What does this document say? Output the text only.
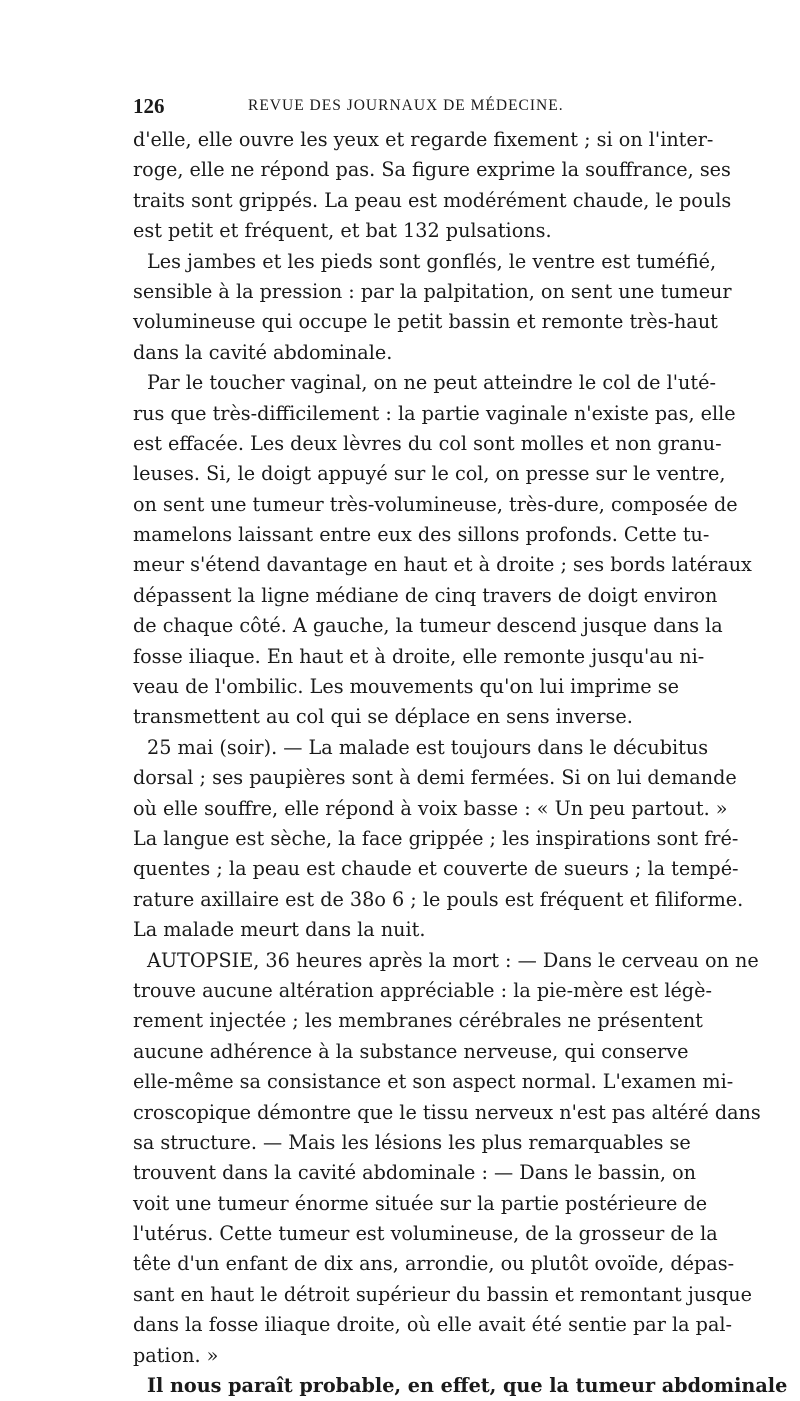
126	REVUE DES JOURNAUX DE MÉDECINE.
d'elle, elle ouvre les yeux et regarde fixement ; si on l'inter-
roge, elle ne répond pas. Sa figure exprime la souffrance, ses
traits sont grippés. La peau est modérément chaude, le pouls
est petit et fréquent, et bat 132 pulsations.
Les jambes et les pieds sont gonflés, le ventre est tuméfié,
sensible à la pression : par la palpitation, on sent une tumeur
volumineuse qui occupe le petit bassin et remonte très-haut
dans la cavité abdominale.
Par le toucher vaginal, on ne peut atteindre le col de l'uté-
rus que très-difficilement : la partie vaginale n'existe pas, elle
est effacée. Les deux lèvres du col sont molles et non granu-
leuses. Si, le doigt appuyé sur le col, on presse sur le ventre,
on sent une tumeur très-volumineuse, très-dure, composée de
mamelons laissant entre eux des sillons profonds. Cette tu-
meur s'étend davantage en haut et à droite ; ses bords latéraux
dépassent la ligne médiane de cinq travers de doigt environ
de chaque côté. A gauche, la tumeur descend jusque dans la
fosse iliaque. En haut et à droite, elle remonte jusqu'au ni-
veau de l'ombilic. Les mouvements qu'on lui imprime se
transmettent au col qui se déplace en sens inverse.
25 mai (soir). — La malade est toujours dans le décubitus
dorsal ; ses paupières sont à demi fermées. Si on lui demande
où elle souffre, elle répond à voix basse : « Un peu partout. »
La langue est sèche, la face grippée ; les inspirations sont fré-
quentes ; la peau est chaude et couverte de sueurs ; la tempé-
rature axillaire est de 38o 6 ; le pouls est fréquent et filiforme.
La malade meurt dans la nuit.
AUTOPSIE, 36 heures après la mort : — Dans le cerveau on ne
trouve aucune altération appréciable : la pie-mère est légè-
rement injectée ; les membranes cérébrales ne présentent
aucune adhérence à la substance nerveuse, qui conserve
elle-même sa consistance et son aspect normal. L'examen mi-
croscopique démontre que le tissu nerveux n'est pas altéré dans
sa structure. — Mais les lésions les plus remarquables se
trouvent dans la cavité abdominale : — Dans le bassin, on
voit une tumeur énorme située sur la partie postérieure de
l'utérus. Cette tumeur est volumineuse, de la grosseur de la
tête d'un enfant de dix ans, arrondie, ou plutôt ovoïde, dépas-
sant en haut le détroit supérieur du bassin et remontant jusque
dans la fosse iliaque droite, où elle avait été sentie par la pal-
pation. »
Il nous paraît probable, en effet, que la tumeur abdominale
